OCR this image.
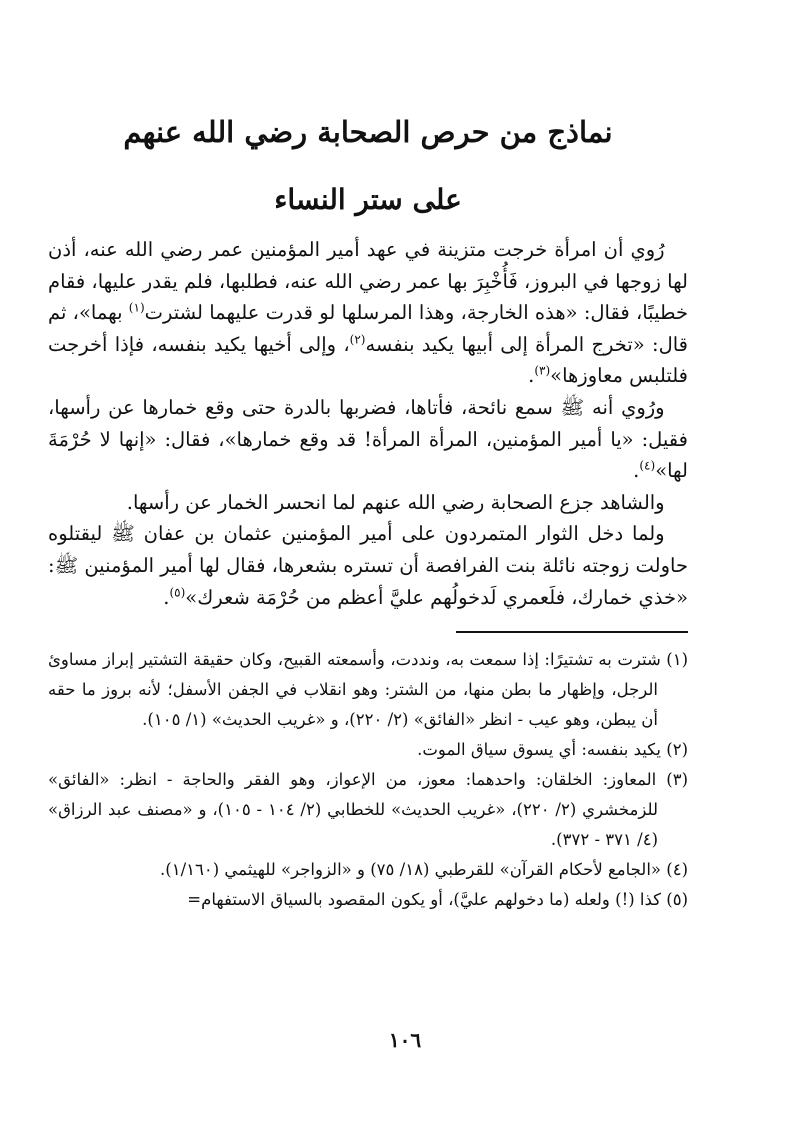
نماذج من حرص الصحابة رضي الله عنهم
على ستر النساء

رُوي أن امرأة خرجت متزينة في عهد أمير المؤمنين عمر رضي الله عنه، أذن لها زوجها في البروز، فَأُخْبِرَ بها عمر رضي الله عنه، فطلبها، فلم يقدر عليها، فقام خطيبًا، فقال: «هذه الخارجة، وهذا المرسلها لو قدرت عليهما لشترت$^{(١)}$ بهما»، ثم قال: «تخرج المرأة إلى أبيها يكيد بنفسه$^{(٢)}$، وإلى أخيها يكيد بنفسه، فإذا أخرجت فلتلبس معاوزها»$^{(٣)}$.

ورُوي أنه ﷺ سمع نائحة، فأتاها، فضربها بالدرة حتى وقع خمارها عن رأسها، فقيل: «يا أمير المؤمنين، المرأة المرأة! قد وقع خمارها»، فقال: «إنها لا حُرْمَةَ لها»$^{(٤)}$.

والشاهد جزع الصحابة رضي الله عنهم لما انحسر الخمار عن رأسها.

ولما دخل الثوار المتمردون على أمير المؤمنين عثمان بن عفان ﷺ ليقتلوه حاولت زوجته نائلة بنت الفرافصة أن تستره بشعرها، فقال لها أمير المؤمنين ﷺ: «خذي خمارك، فلَعمري لَدخولُهم عليَّ أعظم من حُرْمَة شعرك»$^{(٥)}$.

(١) شترت به تشتيرًا: إذا سمعت به، ونددت، وأسمعته القبيح، وكان حقيقة التشتير إبراز مساوئ الرجل، وإظهار ما بطن منها، من الشتر: وهو انقلاب في الجفن الأسفل؛ لأنه بروز ما حقه أن يبطن، وهو عيب - انظر «الفائق» (٢/ ٢٢٠)، و «غريب الحديث» (١/ ١٠٥).

(٢) يكيد بنفسه: أي يسوق سياق الموت.

(٣) المعاوز: الخلقان: واحدهما: معوز، من الإعواز، وهو الفقر والحاجة - انظر: «الفائق» للزمخشري (٢/ ٢٢٠)، «غريب الحديث» للخطابي (٢/ ١٠٤ - ١٠٥)، و «مصنف عبد الرزاق» (٤/ ٣٧١ - ٣٧٢).

(٤) «الجامع لأحكام القرآن» للقرطبي (١٨/ ٧٥) و «الزواجر» للهيثمي (١/١٦٠).

(٥) كذا (!) ولعله (ما دخولهم عليَّ)، أو يكون المقصود بالسياق الاستفهام=

١٠٦
